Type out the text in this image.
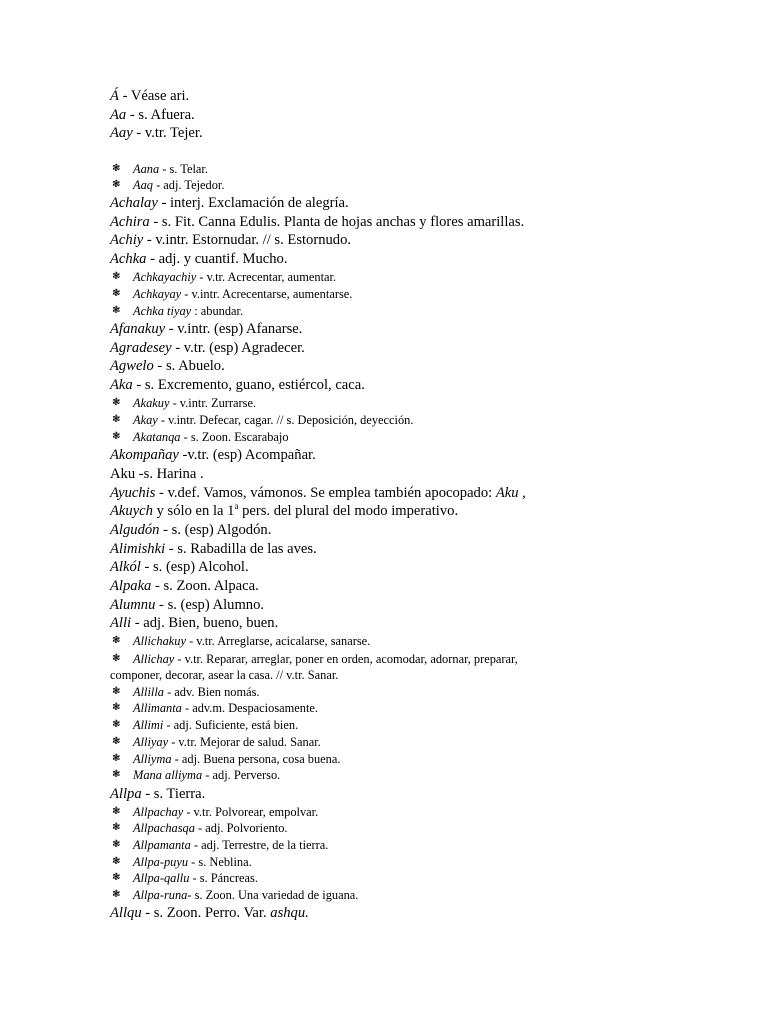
Á - Véase ari.
Aa - s. Afuera.
Aay - v.tr. Tejer.
❃ Aana - s. Telar.
❃ Aaq - adj. Tejedor.
Achalay - interj. Exclamación de alegría.
Achira - s. Fit. Canna Edulis. Planta de hojas anchas y flores amarillas.
Achiy - v.intr. Estornudar. // s. Estornudo.
Achka - adj. y cuantif. Mucho.
❃ Achkayachiy - v.tr. Acrecentar, aumentar.
❃ Achkayay - v.intr. Acrecentarse, aumentarse.
❃ Achka tiyay : abundar.
Afanakuy - v.intr. (esp) Afanarse.
Agradesey - v.tr. (esp) Agradecer.
Agwelo - s. Abuelo.
Aka - s. Excremento, guano, estiércol, caca.
❃ Akakuy - v.intr. Zurrarse.
❃ Akay - v.intr. Defecar, cagar. // s. Deposición, deyección.
❃ Akatanqa - s. Zoon. Escarabajo
Akompañay -v.tr. (esp) Acompañar.
Aku -s. Harina .
Ayuchis - v.def. Vamos, vámonos. Se emplea también apocopado: Aku ,
Akuych y sólo en la 1$^a$ pers. del plural del modo imperativo.
Algudón - s. (esp) Algodón.
Alimishki - s. Rabadilla de las aves.
Alkól - s. (esp) Alcohol.
Alpaka - s. Zoon. Alpaca.
Alumnu - s. (esp) Alumno.
Alli - adj. Bien, bueno, buen.
❃ Allichakuy - v.tr. Arreglarse, acicalarse, sanarse.
❃ Allichay - v.tr. Reparar, arreglar, poner en orden, acomodar, adornar, preparar,
componer, decorar, asear la casa. // v.tr. Sanar.
❃ Allilla - adv. Bien nomás.
❃ Allimanta - adv.m. Despaciosamente.
❃ Allimi - adj. Suficiente, está bien.
❃ Alliyay - v.tr. Mejorar de salud. Sanar.
❃ Alliyma - adj. Buena persona, cosa buena.
❃ Mana alliyma - adj. Perverso.
Allpa - s. Tierra.
❃ Allpachay - v.tr. Polvorear, empolvar.
❃ Allpachasqa - adj. Polvoriento.
❃ Allpamanta - adj. Terrestre, de la tierra.
❃ Allpa-puyu - s. Neblina.
❃ Allpa-qallu - s. Páncreas.
❃ Allpa-runa- s. Zoon. Una variedad de iguana.
Allqu - s. Zoon. Perro. Var. ashqu.
